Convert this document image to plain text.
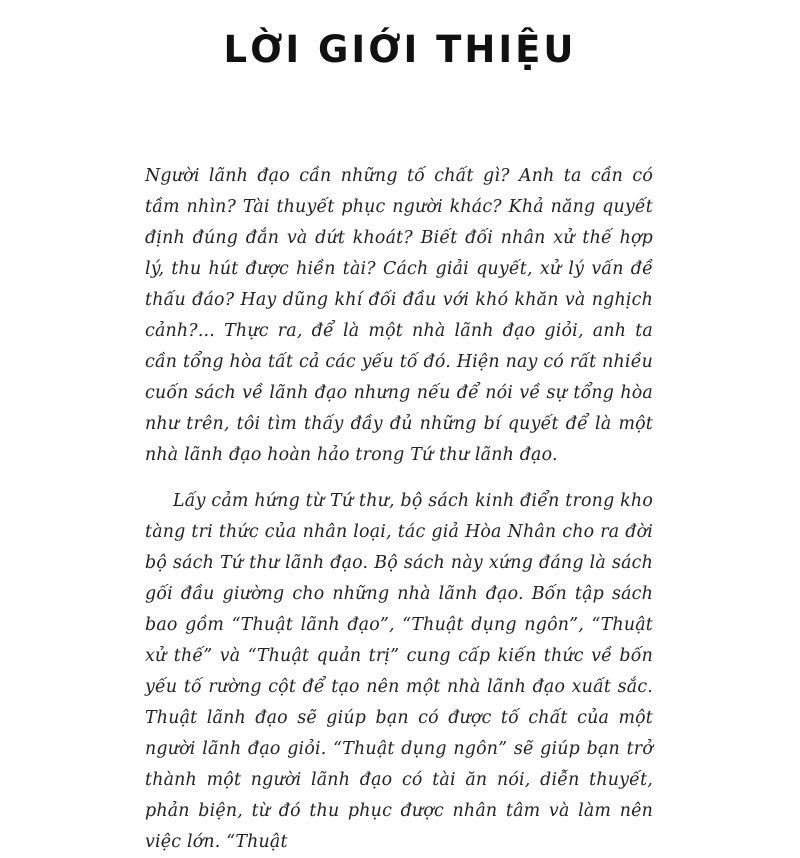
LỜI GIỚI THIỆU

Người lãnh đạo cần những tố chất gì? Anh ta cần có tầm nhìn? Tài thuyết phục người khác? Khả năng quyết định đúng đắn và dứt khoát? Biết đối nhân xử thế hợp lý, thu hút được hiền tài? Cách giải quyết, xử lý vấn đề thấu đáo? Hay dũng khí đối đầu với khó khăn và nghịch cảnh?... Thực ra, để là một nhà lãnh đạo giỏi, anh ta cần tổng hòa tất cả các yếu tố đó. Hiện nay có rất nhiều cuốn sách về lãnh đạo nhưng nếu để nói về sự tổng hòa như trên, tôi tìm thấy đầy đủ những bí quyết để là một nhà lãnh đạo hoàn hảo trong Tứ thư lãnh đạo.

Lấy cảm hứng từ Tứ thư, bộ sách kinh điển trong kho tàng tri thức của nhân loại, tác giả Hòa Nhân cho ra đời bộ sách Tứ thư lãnh đạo. Bộ sách này xứng đáng là sách gối đầu giường cho những nhà lãnh đạo. Bốn tập sách bao gồm “Thuật lãnh đạo”, “Thuật dụng ngôn”, “Thuật xử thế” và “Thuật quản trị” cung cấp kiến thức về bốn yếu tố rường cột để tạo nên một nhà lãnh đạo xuất sắc. Thuật lãnh đạo sẽ giúp bạn có được tố chất của một người lãnh đạo giỏi. “Thuật dụng ngôn” sẽ giúp bạn trở thành một người lãnh đạo có tài ăn nói, diễn thuyết, phản biện, từ đó thu phục được nhân tâm và làm nên việc lớn. “Thuật
